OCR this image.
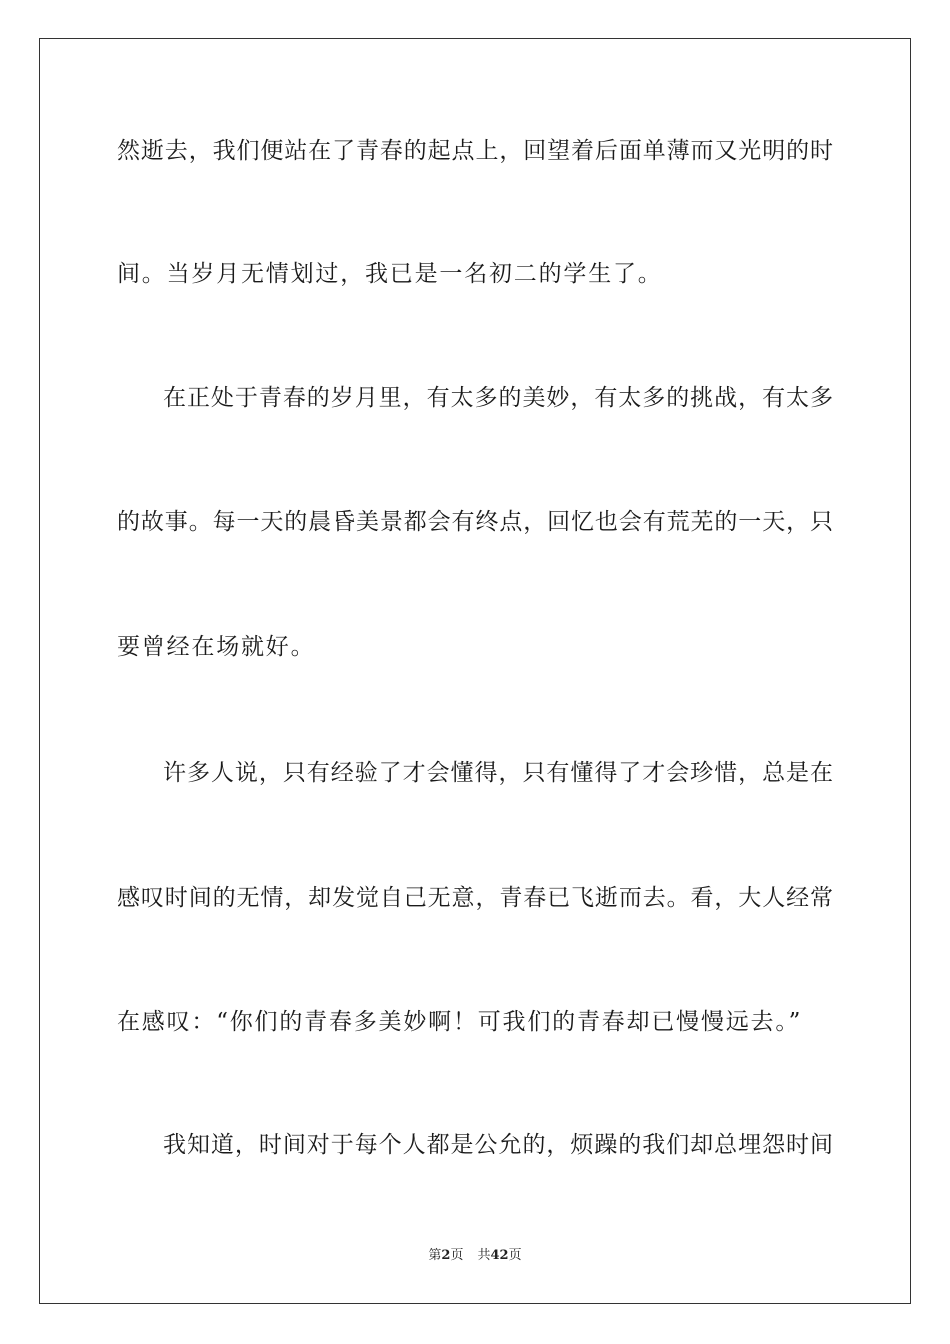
然逝去，我们便站在了青春的起点上，回望着后面单薄而又光明的时
间。当岁月无情划过，我已是一名初二的学生了。
在正处于青春的岁月里，有太多的美妙，有太多的挑战，有太多
的故事。每一天的晨昏美景都会有终点，回忆也会有荒芜的一天，只
要曾经在场就好。
许多人说，只有经验了才会懂得，只有懂得了才会珍惜，总是在
感叹时间的无情，却发觉自己无意，青春已飞逝而去。看，大人经常
在感叹：“你们的青春多美妙啊！可我们的青春却已慢慢远去。”
我知道，时间对于每个人都是公允的，烦躁的我们却总埋怨时间
第2页 共42页
